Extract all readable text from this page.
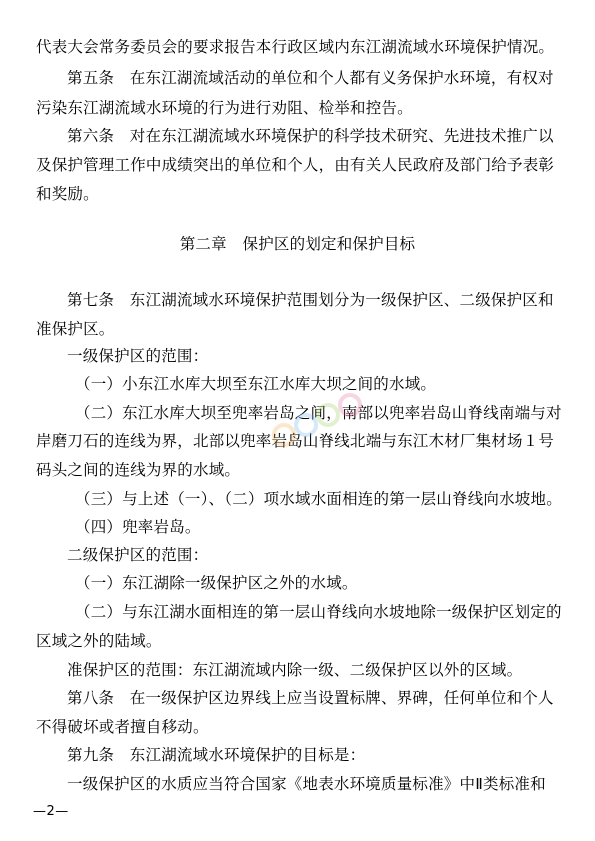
代表大会常务委员会的要求报告本行政区域内东江湖流域水环境保护情况。
第五条　在东江湖流域活动的单位和个人都有义务保护水环境，有权对
污染东江湖流域水环境的行为进行劝阻、检举和控告。
第六条　对在东江湖流域水环境保护的科学技术研究、先进技术推广以
及保护管理工作中成绩突出的单位和个人，由有关人民政府及部门给予表彰
和奖励。
第二章　保护区的划定和保护目标
第七条　东江湖流域水环境保护范围划分为一级保护区、二级保护区和
准保护区。
一级保护区的范围：
（一）小东江水库大坝至东江水库大坝之间的水域。
（二）东江水库大坝至兜率岩岛之间，南部以兜率岩岛山脊线南端与对
岸磨刀石的连线为界，北部以兜率岩岛山脊线北端与东江木材厂集材场１号
码头之间的连线为界的水域。
（三）与上述（一）、（二）项水域水面相连的第一层山脊线向水坡地。
（四）兜率岩岛。
二级保护区的范围：
（一）东江湖除一级保护区之外的水域。
（二）与东江湖水面相连的第一层山脊线向水坡地除一级保护区划定的
区域之外的陆域。
准保护区的范围：东江湖流域内除一级、二级保护区以外的区域。
第八条　在一级保护区边界线上应当设置标牌、界碑，任何单位和个人
不得破坏或者擅自移动。
第九条　东江湖流域水环境保护的目标是：
一级保护区的水质应当符合国家《地表水环境质量标准》中Ⅱ类标准和
—2—
